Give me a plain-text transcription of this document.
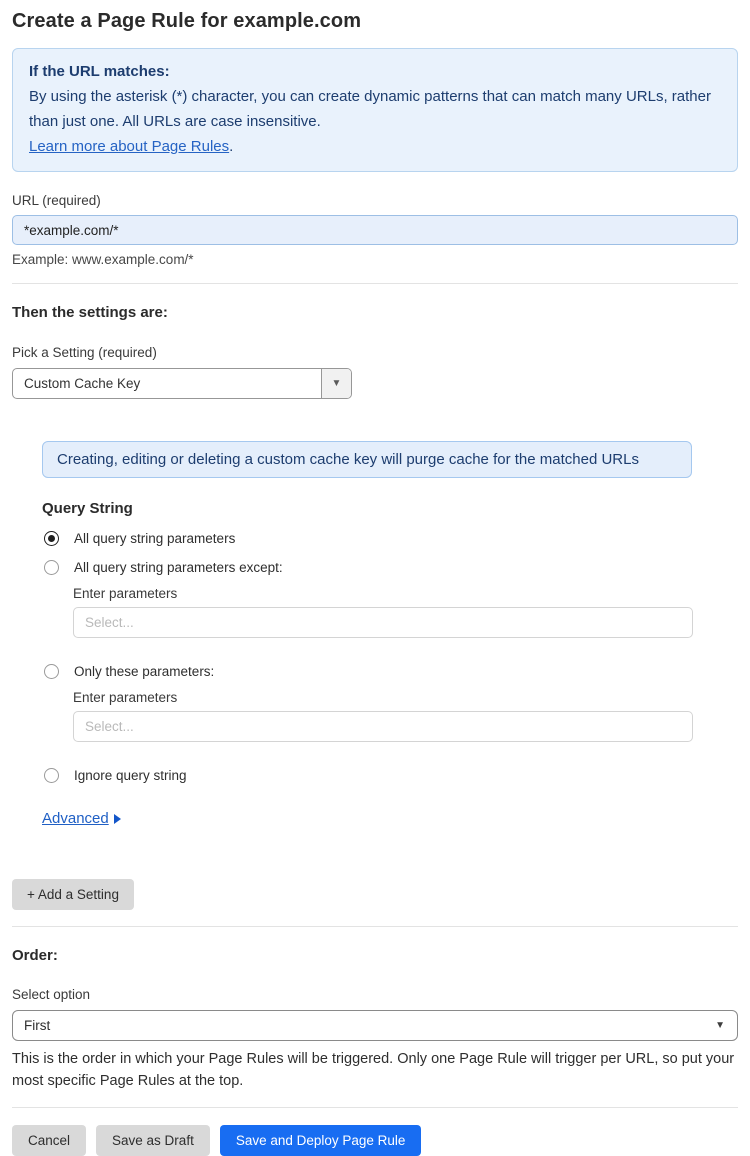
Create a Page Rule for example.com
If the URL matches:
By using the asterisk (*) character, you can create dynamic patterns that can match many URLs, rather than just one. All URLs are case insensitive.
Learn more about Page Rules.
URL (required)
*example.com/*
Example: www.example.com/*
Then the settings are:
Pick a Setting (required)
Custom Cache Key	▼
Creating, editing or deleting a custom cache key will purge cache for the matched URLs
Query String
All query string parameters
All query string parameters except:
Enter parameters
Select...
Only these parameters:
Enter parameters
Select...
Ignore query string
Advanced

+ Add a Setting
Order:
Select option
First	▼
This is the order in which your Page Rules will be triggered. Only one Page Rule will trigger per URL, so put your most specific Page Rules at the top.
Cancel	Save as Draft	Save and Deploy Page Rule
